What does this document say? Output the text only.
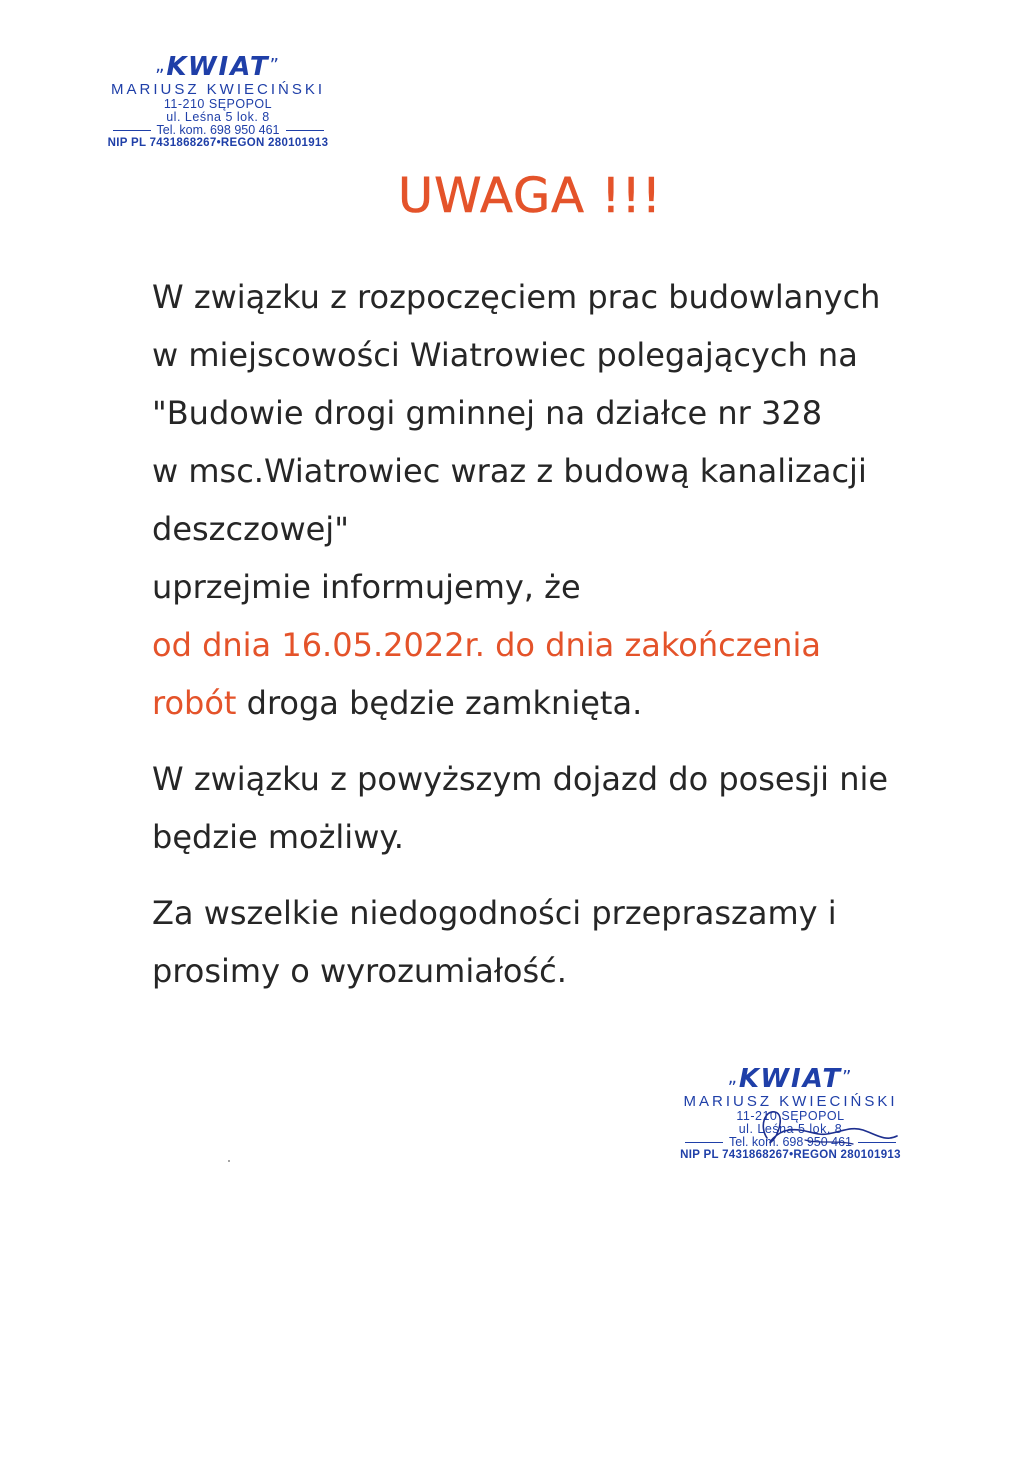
„KWIAT”
MARIUSZ KWIECIŃSKI
11-210 SĘPOPOL
ul. Leśna 5 lok. 8
Tel. kom. 698 950 461
NIP PL 7431868267•REGON 280101913
UWAGA !!!

W związku z rozpoczęciem prac budowlanych

w miejscowości Wiatrowiec polegających na

"Budowie drogi gminnej na działce nr 328

w msc.Wiatrowiec wraz z budową kanalizacji

deszczowej"

uprzejmie informujemy, że

od dnia 16.05.2022r. do dnia zakończenia

robót droga będzie zamknięta.

W związku z powyższym dojazd do posesji nie

będzie możliwy.

Za wszelkie niedogodności przepraszamy i

prosimy o wyrozumiałość.

„KWIAT”
MARIUSZ KWIECIŃSKI
11-210 SĘPOPOL
ul. Leśna 5 lok. 8
Tel. kom. 698 950 461
NIP PL 7431868267•REGON 280101913
